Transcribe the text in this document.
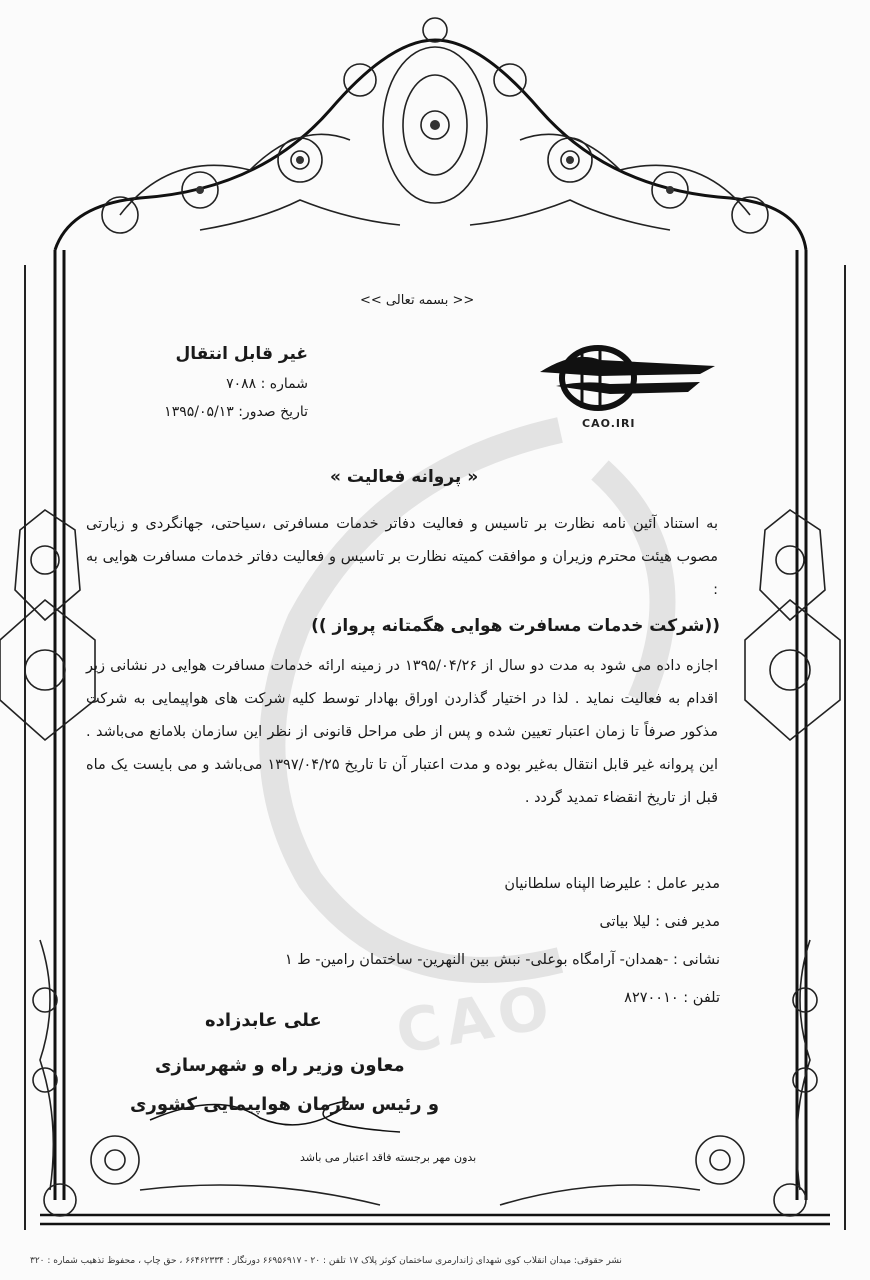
CAO
<< بسمه تعالی >>
غیر قابل انتقال
شماره : ۷۰۸۸
تاریخ صدور: ۱۳۹۵/۰۵/۱۳
CAO.IRI
« پروانه فعالیت »
به استناد آئین نامه نظارت بر تاسیس و فعالیت دفاتر خدمات مسافرتی ،سیاحتی، جهانگردی و زیارتی مصوب هیئت محترم وزیران و موافقت کمیته نظارت بر تاسیس و فعالیت دفاتر خدمات مسافرت هوایی به :
((شرکت خدمات مسافرت هوایی هگمتانه پرواز ))
اجازه داده می شود به مدت دو سال از ۱۳۹۵/۰۴/۲۶ در زمینه ارائه خدمات مسافرت هوایی در نشانی زیر اقدام به فعالیت نماید . لذا در اختیار گذاردن اوراق بهادار توسط کلیه شرکت های هواپیمایی به شرکت مذکور صرفاً تا زمان اعتبار تعیین شده و پس از طی مراحل قانونی از نظر این سازمان بلامانع می‌باشد . این پروانه غیر قابل انتقال به‌غیر بوده و مدت اعتبار آن تا تاریخ ۱۳۹۷/۰۴/۲۵ می‌باشد و می بایست یک ماه قبل از تاریخ انقضاء تمدید گردد .
مدیر عامل : علیرضا الپناه سلطانیان
مدیر فنی : لیلا بیاتی
نشانی : -همدان- آرامگاه بوعلی- نبش بین النهرین- ساختمان رامین- ط ۱
تلفن : ۸۲۷۰۰۱۰
علی عابدزاده
معاون وزیر راه و شهرسازی
و رئیس سازمان هواپیمایی کشوری
بدون مهر برجسته فاقد اعتبار می باشد
نشر حقوقی: میدان انقلاب کوی شهدای ژاندارمری ساختمان کوثر پلاک ۱۷ تلفن : ۲۰ - ۶۶۹۵۶۹۱۷ دورنگار : ۶۶۴۶۲۳۳۴ ، حق چاپ ، محفوظ تذهیب شماره : ۳۲۰
